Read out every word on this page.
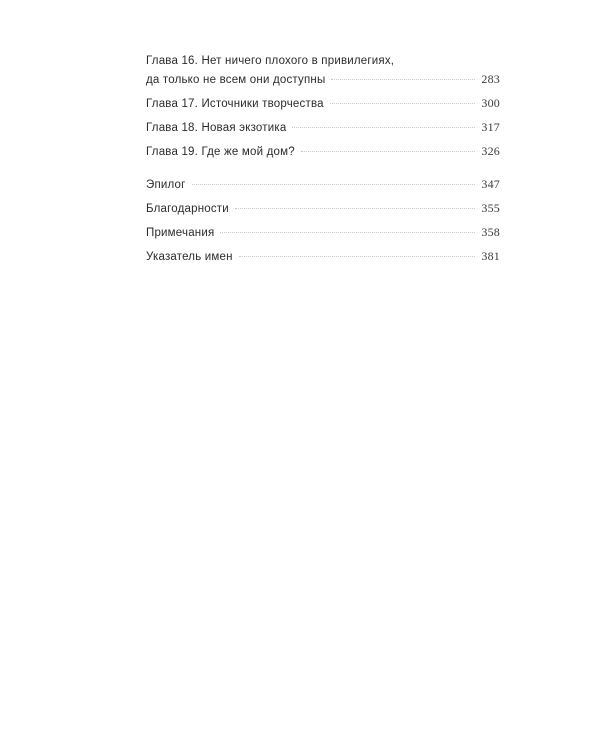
Глава 16. Нет ничего плохого в привилегиях,
да только не всем они доступны	283
Глава 17. Источники творчества	300
Глава 18. Новая экзотика	317
Глава 19. Где же мой дом?	326
Эпилог	347
Благодарности	355
Примечания	358
Указатель имен	381
